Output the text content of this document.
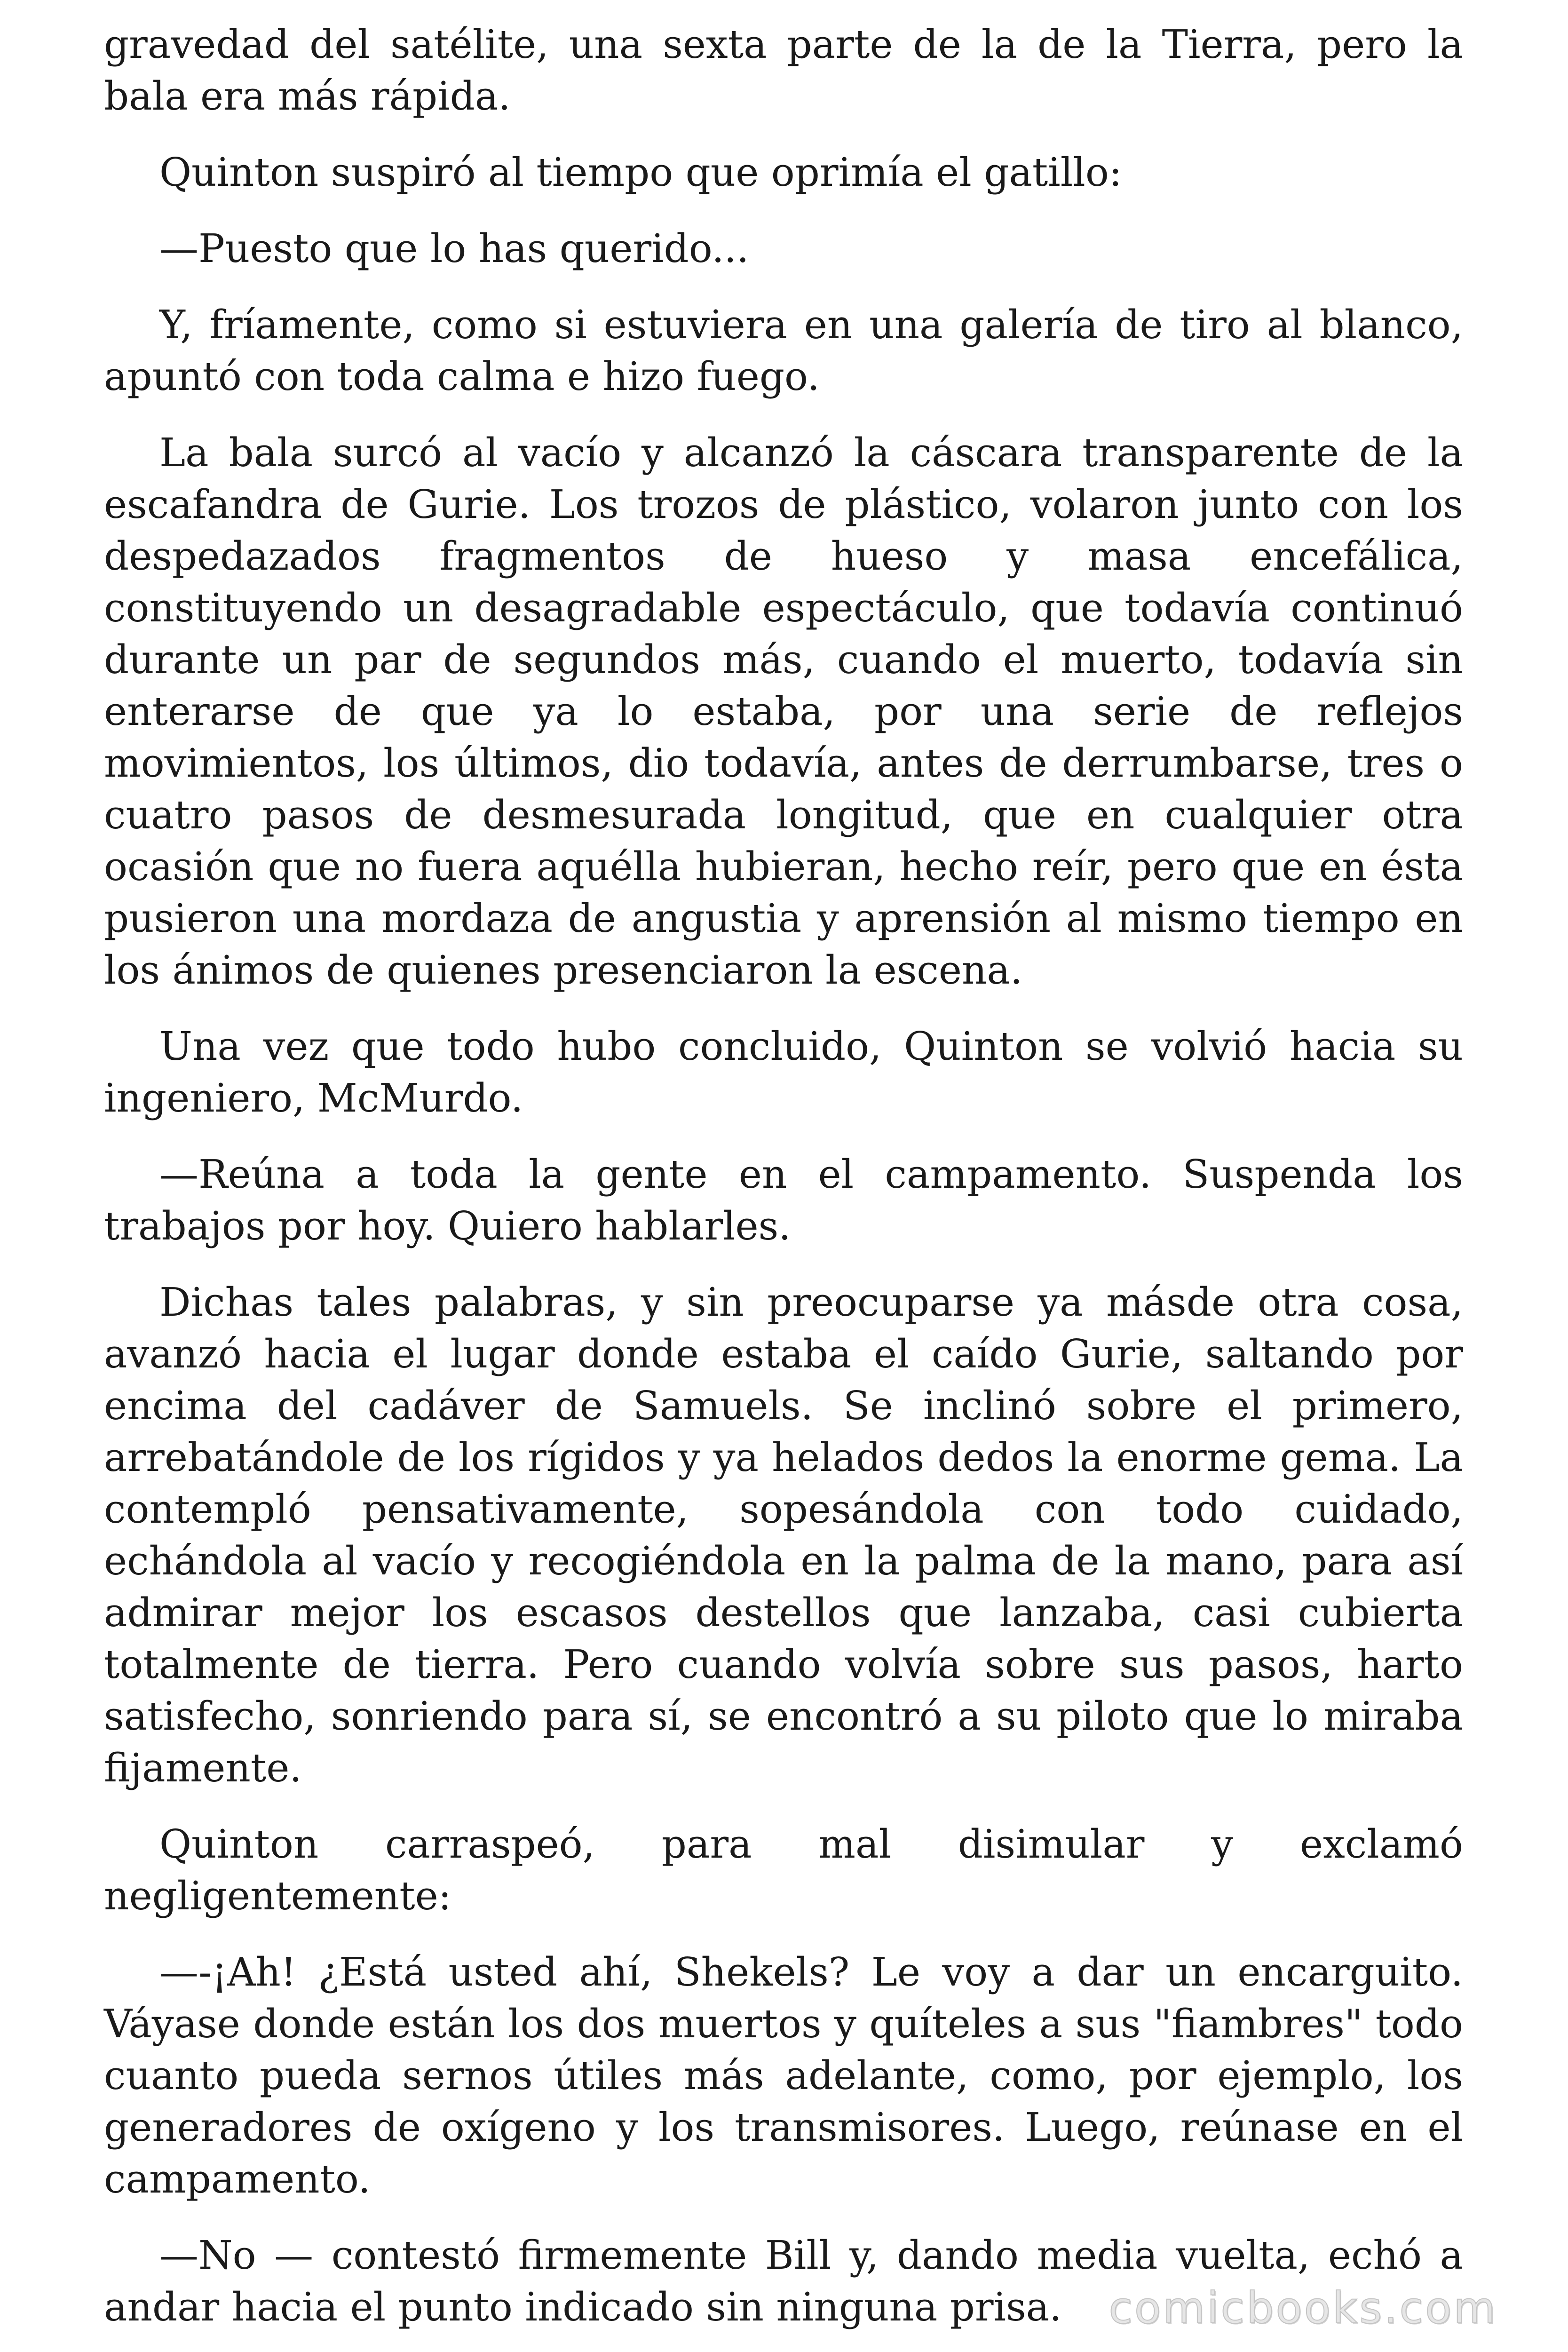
gravedad del satélite, una sexta parte de la de la Tierra, pero la bala era más rápida.

Quinton suspiró al tiempo que oprimía el gatillo:

—Puesto que lo has querido...

Y, fríamente, como si estuviera en una galería de tiro al blanco, apuntó con toda calma e hizo fuego.

La bala surcó al vacío y alcanzó la cáscara transparente de la escafandra de Gurie. Los trozos de plástico, volaron junto con los despedazados fragmentos de hueso y masa encefálica, constituyendo un desagradable espectáculo, que todavía continuó durante un par de segundos más, cuando el muerto, todavía sin enterarse de que ya lo estaba, por una serie de reflejos movimientos, los últimos, dio todavía, antes de derrumbarse, tres o cuatro pasos de desmesurada longitud, que en cualquier otra ocasión que no fuera aquélla hubieran, hecho reír, pero que en ésta pusieron una mordaza de angustia y aprensión al mismo tiempo en los ánimos de quienes presenciaron la escena.

Una vez que todo hubo concluido, Quinton se volvió hacia su ingeniero, McMurdo.

—Reúna a toda la gente en el campamento. Suspenda los trabajos por hoy. Quiero hablarles.

Dichas tales palabras, y sin preocuparse ya másde otra cosa, avanzó hacia el lugar donde estaba el caído Gurie, saltando por encima del cadáver de Samuels. Se inclinó sobre el primero, arrebatándole de los rígidos y ya helados dedos la enorme gema. La contempló pensativamente, sopesándola con todo cuidado, echándola al vacío y recogiéndola en la palma de la mano, para así admirar mejor los escasos destellos que lanzaba, casi cubierta totalmente de tierra. Pero cuando volvía sobre sus pasos, harto satisfecho, sonriendo para sí, se encontró a su piloto que lo miraba fijamente.

Quinton carraspeó, para mal disimular y exclamó negligentemente:

—-¡Ah! ¿Está usted ahí, Shekels? Le voy a dar un encarguito. Váyase donde están los dos muertos y quíteles a sus "fiambres" todo cuanto pueda sernos útiles más adelante, como, por ejemplo, los generadores de oxígeno y los transmisores. Luego, reúnase en el campamento.

—No — contestó firmemente Bill y, dando media vuelta, echó a andar hacia el punto indicado sin ninguna prisa.	comicbooks.com
